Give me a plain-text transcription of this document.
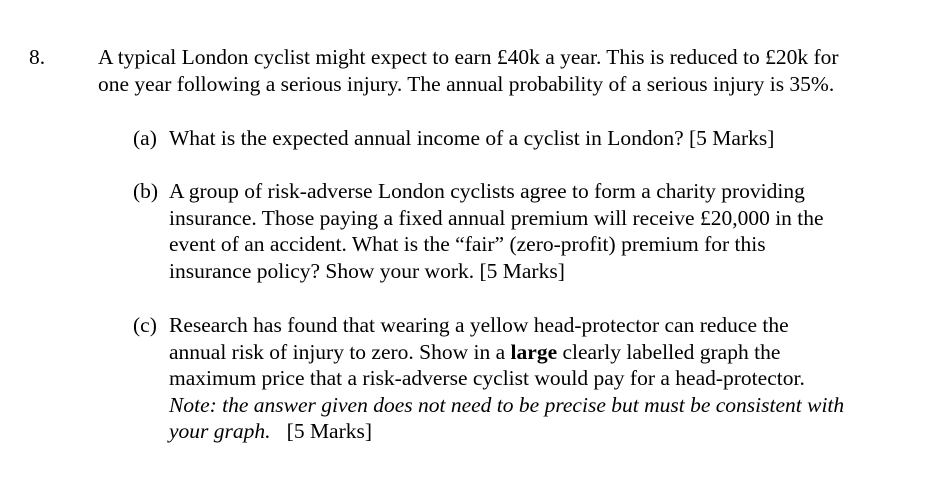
8. A typical London cyclist might expect to earn £40k a year. This is reduced to £20k for
one year following a serious injury. The annual probability of a serious injury is 35%.
(a) What is the expected annual income of a cyclist in London? [5 Marks]
(b) A group of risk-adverse London cyclists agree to form a charity providing
insurance. Those paying a fixed annual premium will receive £20,000 in the
event of an accident. What is the “fair” (zero-profit) premium for this
insurance policy? Show your work. [5 Marks]
(c) Research has found that wearing a yellow head-protector can reduce the
annual risk of injury to zero. Show in a large clearly labelled graph the
maximum price that a risk-adverse cyclist would pay for a head-protector.
Note: the answer given does not need to be precise but must be consistent with
your graph. [5 Marks]
